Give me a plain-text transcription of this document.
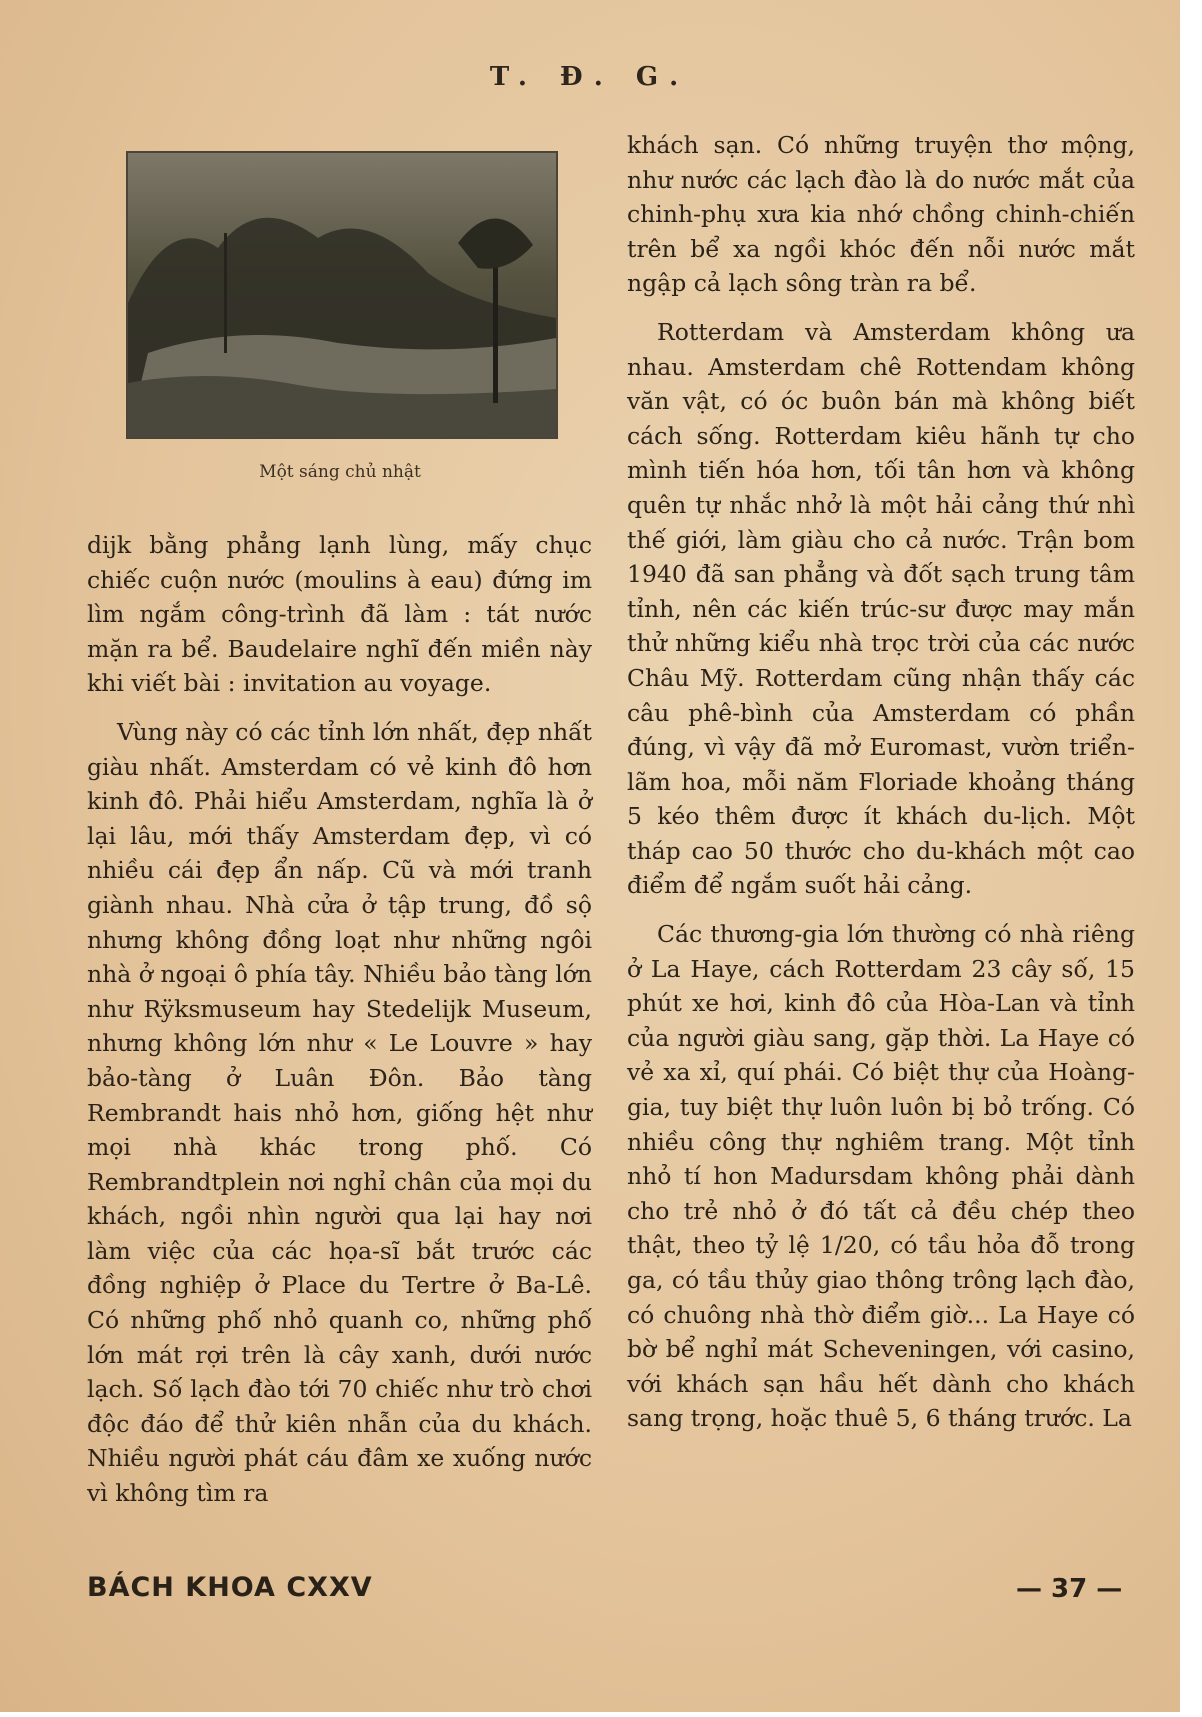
T. Đ. G.
Một sáng chủ nhật

dijk bằng phẳng lạnh lùng, mấy chục chiếc cuộn nước (moulins à eau) đứng im lìm ngắm công-trình đã làm : tát nước mặn ra bể. Baudelaire nghĩ đến miền này khi viết bài : invitation au voyage.

Vùng này có các tỉnh lớn nhất, đẹp nhất giàu nhất. Amsterdam có vẻ kinh đô hơn kinh đô. Phải hiểu Amsterdam, nghĩa là ở lại lâu, mới thấy Amsterdam đẹp, vì có nhiều cái đẹp ẩn nấp. Cũ và mới tranh giành nhau. Nhà cửa ở tập trung, đồ sộ nhưng không đồng loạt như những ngôi nhà ở ngoại ô phía tây. Nhiều bảo tàng lớn như Rÿksmuseum hay Stedelijk Museum, nhưng không lớn như « Le Louvre » hay bảo-tàng ở Luân Đôn. Bảo tàng Rembrandt hais nhỏ hơn, giống hệt như mọi nhà khác trong phố. Có Rembrandtplein nơi nghỉ chân của mọi du khách, ngồi nhìn người qua lại hay nơi làm việc của các họa-sĩ bắt trước các đồng nghiệp ở Place du Tertre ở Ba-Lê. Có những phố nhỏ quanh co, những phố lớn mát rợi trên là cây xanh, dưới nước lạch. Số lạch đào tới 70 chiếc như trò chơi độc đáo để thử kiên nhẫn của du khách. Nhiều người phát cáu đâm xe xuống nước vì không tìm ra

khách sạn. Có những truyện thơ mộng, như nước các lạch đào là do nước mắt của chinh-phụ xưa kia nhớ chồng chinh-chiến trên bể xa ngồi khóc đến nỗi nước mắt ngập cả lạch sông tràn ra bể.

Rotterdam và Amsterdam không ưa nhau. Amsterdam chê Rottendam không văn vật, có óc buôn bán mà không biết cách sống. Rotterdam kiêu hãnh tự cho mình tiến hóa hơn, tối tân hơn và không quên tự nhắc nhở là một hải cảng thứ nhì thế giới, làm giàu cho cả nước. Trận bom 1940 đã san phẳng và đốt sạch trung tâm tỉnh, nên các kiến trúc-sư được may mắn thử những kiểu nhà trọc trời của các nước Châu Mỹ. Rotterdam cũng nhận thấy các câu phê-bình của Amsterdam có phần đúng, vì vậy đã mở Euromast, vườn triển-lãm hoa, mỗi năm Floriade khoảng tháng 5 kéo thêm được ít khách du-lịch. Một tháp cao 50 thước cho du-khách một cao điểm để ngắm suốt hải cảng.

Các thương-gia lớn thường có nhà riêng ở La Haye, cách Rotterdam 23 cây số, 15 phút xe hơi, kinh đô của Hòa-Lan và tỉnh của người giàu sang, gặp thời. La Haye có vẻ xa xỉ, quí phái. Có biệt thự của Hoàng-gia, tuy biệt thự luôn luôn bị bỏ trống. Có nhiều công thự nghiêm trang. Một tỉnh nhỏ tí hon Madursdam không phải dành cho trẻ nhỏ ở đó tất cả đều chép theo thật, theo tỷ lệ 1/20, có tầu hỏa đỗ trong ga, có tầu thủy giao thông trông lạch đào, có chuông nhà thờ điểm giờ... La Haye có bờ bể nghỉ mát Scheveningen, với casino, với khách sạn hầu hết dành cho khách sang trọng, hoặc thuê 5, 6 tháng trước. La

BÁCH KHOA CXXV	— 37 —
